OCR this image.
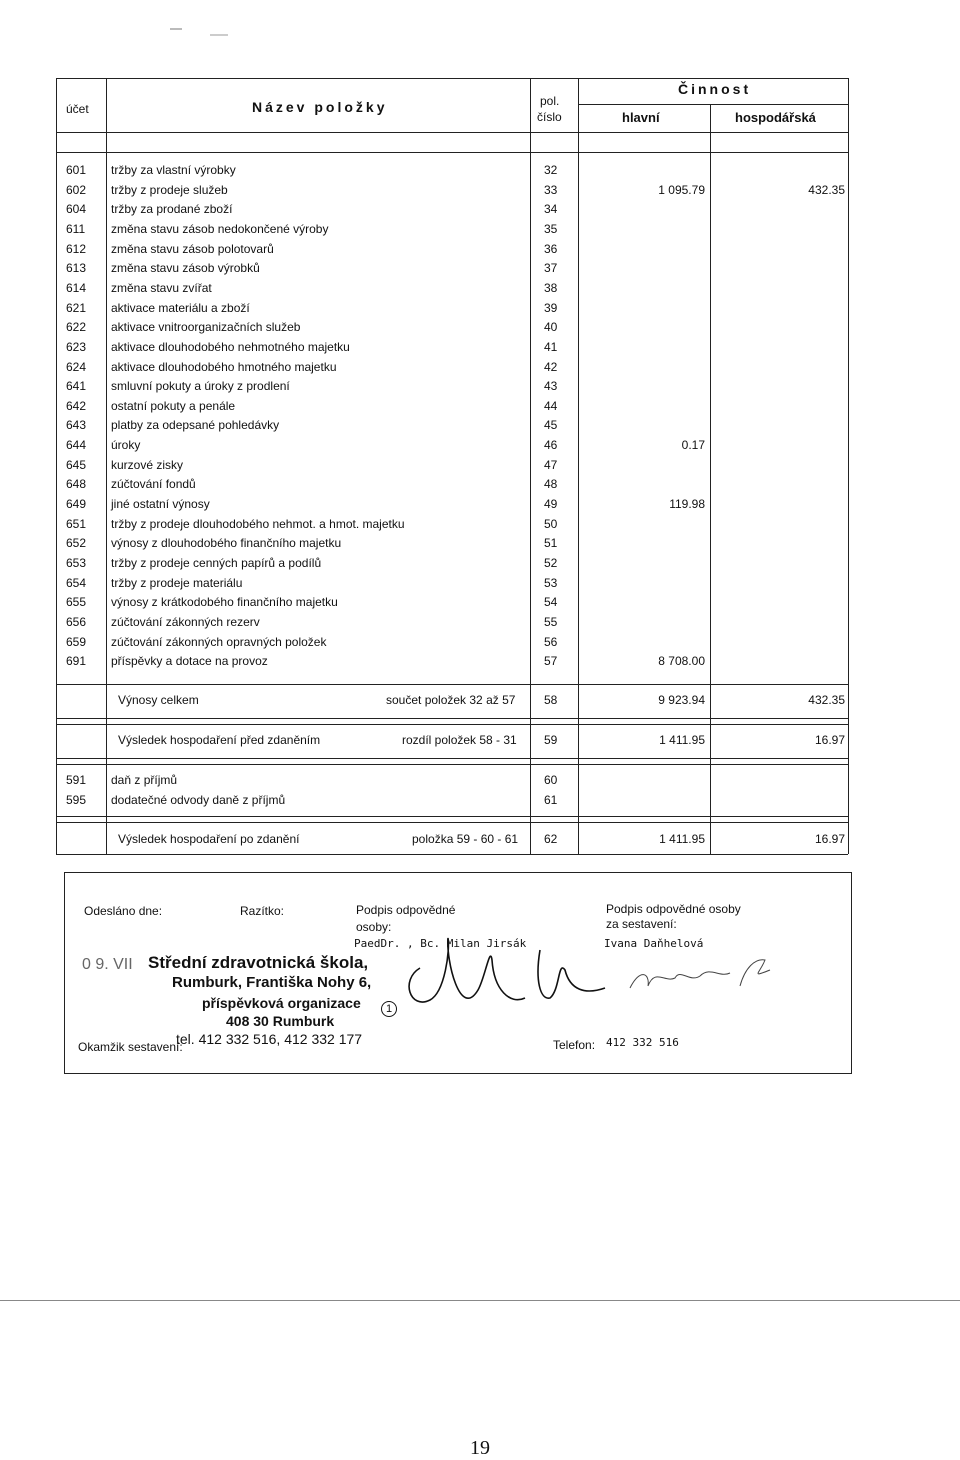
účet	Název položky	pol.
číslo
Činnost
hlavní	hospodářská
601	tržby za vlastní výrobky	32
602	tržby z prodeje služeb	33	1 095.79	432.35
604	tržby za prodané zboží	34
611	změna stavu zásob nedokončené výroby	35
612	změna stavu zásob polotovarů	36
613	změna stavu zásob výrobků	37
614	změna stavu zvířat	38
621	aktivace materiálu a zboží	39
622	aktivace vnitroorganizačních služeb	40
623	aktivace dlouhodobého nehmotného majetku	41
624	aktivace dlouhodobého hmotného majetku	42
641	smluvní pokuty a úroky z prodlení	43
642	ostatní pokuty a penále	44
643	platby za odepsané pohledávky	45
644	úroky	46	0.17
645	kurzové zisky	47
648	zúčtování fondů	48
649	jiné ostatní výnosy	49	119.98
651	tržby z prodeje dlouhodobého nehmot. a hmot. majetku	50
652	výnosy z dlouhodobého finančního majetku	51
653	tržby z prodeje cenných papírů a podílů	52
654	tržby z prodeje materiálu	53
655	výnosy z krátkodobého finančního majetku	54
656	zúčtování zákonných rezerv	55
659	zúčtování zákonných opravných položek	56
691	příspěvky a dotace na provoz	57	8 708.00
Výnosy celkem	součet položek 32 až 57 58	9 923.94	432.35
Výsledek hospodaření před zdaněním	rozdíl položek 58 - 31 59	1 411.95	16.97
591	daň z příjmů	60
595	dodatečné odvody daně z příjmů	61
Výsledek hospodaření po zdanění	položka 59 - 60 - 61 62	1 411.95	16.97
Odesláno dne:	Razítko:	Podpis odpovědné osoby:
PaedDr. , Bc. Milan Jirsák
Podpis odpovědné osoby
za sestavení:
Ivana Daňhelová
0 9. VII Střední zdravotnická škola,
Rumburk, Františka Nohy 6,
příspěvková organizace
408 30 Rumburk
tel. 412 332 516, 412 332 177
1
Okamžik sestavení:	Telefon: 412 332 516
19
